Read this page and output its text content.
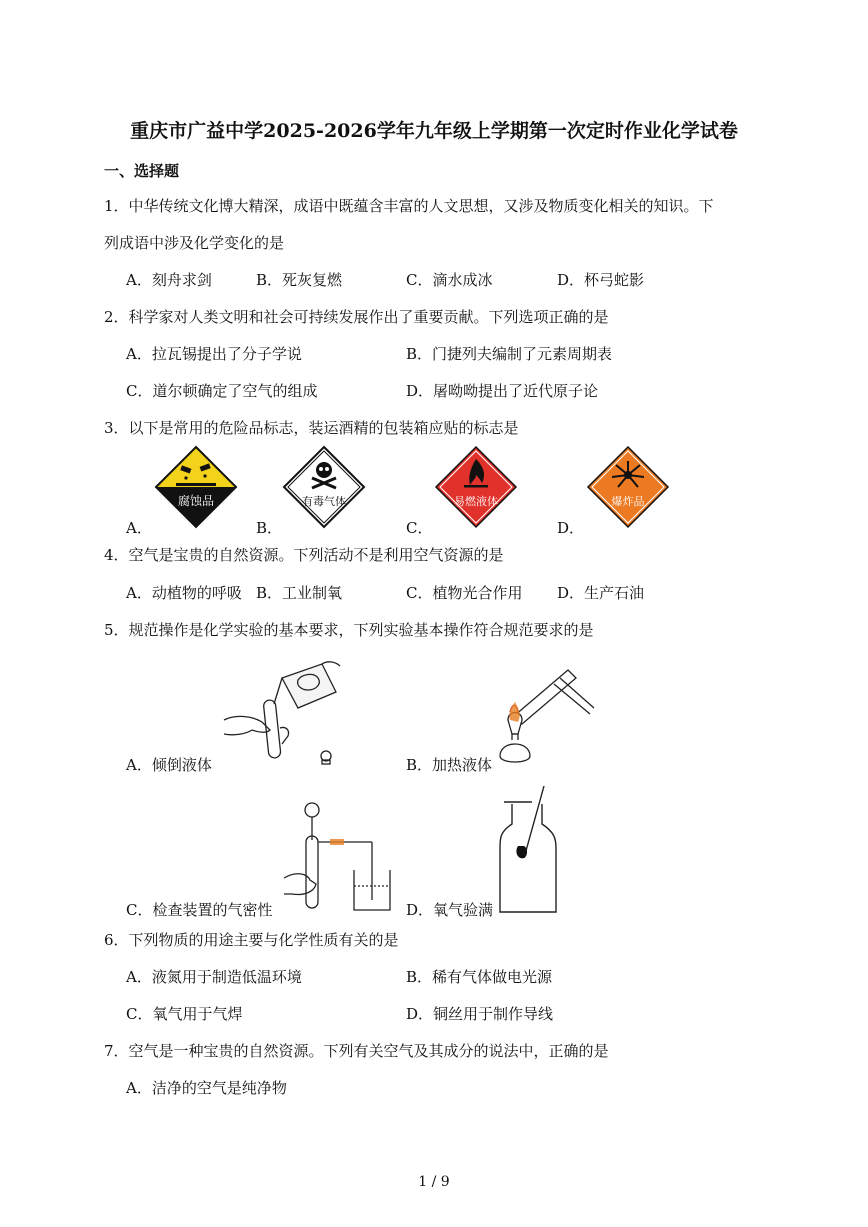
重庆市广益中学2025-2026学年九年级上学期第一次定时作业化学试卷
一、选择题
1．中华传统文化博大精深，成语中既蕴含丰富的人文思想，又涉及物质变化相关的知识。下
列成语中涉及化学变化的是
A．刻舟求剑	B．死灰复燃	C．滴水成冰	D．杯弓蛇影
2．科学家对人类文明和社会可持续发展作出了重要贡献。下列选项正确的是
A．拉瓦锡提出了分子学说	B．门捷列夫编制了元素周期表
C．道尔顿确定了空气的组成	D．屠呦呦提出了近代原子论
3．以下是常用的危险品标志，装运酒精的包装箱应贴的标志是
腐蚀品	有毒气体	易燃液体	爆炸品
A．	B．	C．	D．
4．空气是宝贵的自然资源。下列活动不是利用空气资源的是
A．动植物的呼吸 B．工业制氧	C．植物光合作用 D．生产石油
5．规范操作是化学实验的基本要求，下列实验基本操作符合规范要求的是
A．倾倒液体	B．加热液体
C．检查装置的气密性	D．氧气验满
6．下列物质的用途主要与化学性质有关的是
A．液氮用于制造低温环境	B．稀有气体做电光源
C．氧气用于气焊	D．铜丝用于制作导线
7．空气是一种宝贵的自然资源。下列有关空气及其成分的说法中，正确的是
A．洁净的空气是纯净物
1 / 9
